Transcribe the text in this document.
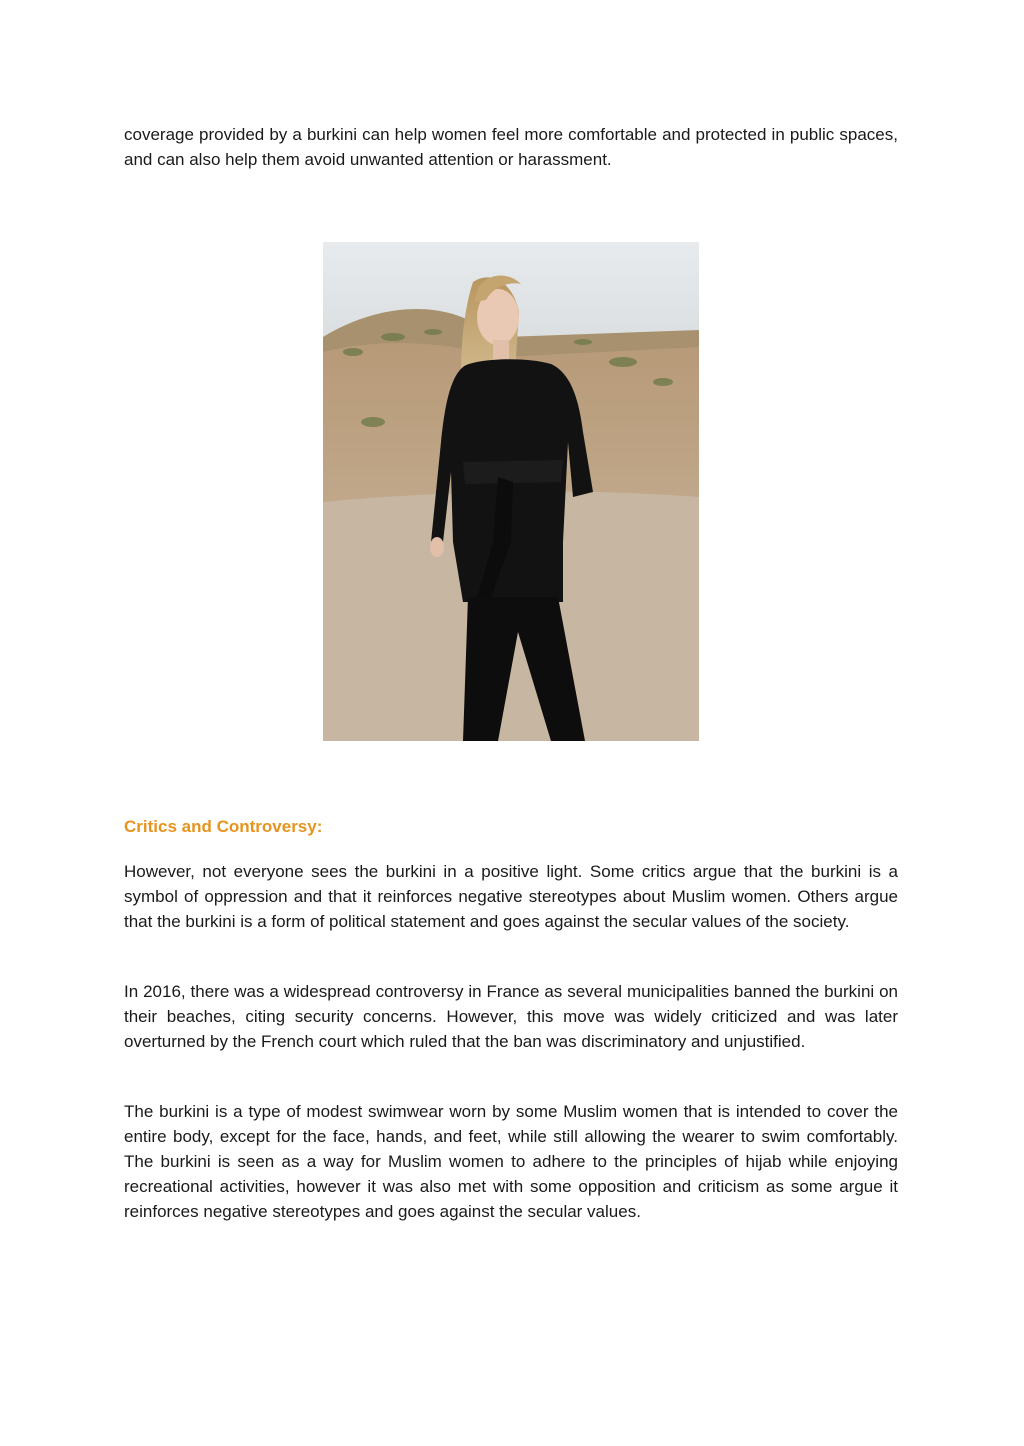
coverage provided by a burkini can help women feel more comfortable and protected in public spaces, and can also help them avoid unwanted attention or harassment.

Critics and Controversy:

However, not everyone sees the burkini in a positive light. Some critics argue that the burkini is a symbol of oppression and that it reinforces negative stereotypes about Muslim women. Others argue that the burkini is a form of political statement and goes against the secular values of the society.

In 2016, there was a widespread controversy in France as several municipalities banned the burkini on their beaches, citing security concerns. However, this move was widely criticized and was later overturned by the French court which ruled that the ban was discriminatory and unjustified.

The burkini is a type of modest swimwear worn by some Muslim women that is intended to cover the entire body, except for the face, hands, and feet, while still allowing the wearer to swim comfortably. The burkini is seen as a way for Muslim women to adhere to the principles of hijab while enjoying recreational activities, however it was also met with some opposition and criticism as some argue it reinforces negative stereotypes and goes against the secular values.
